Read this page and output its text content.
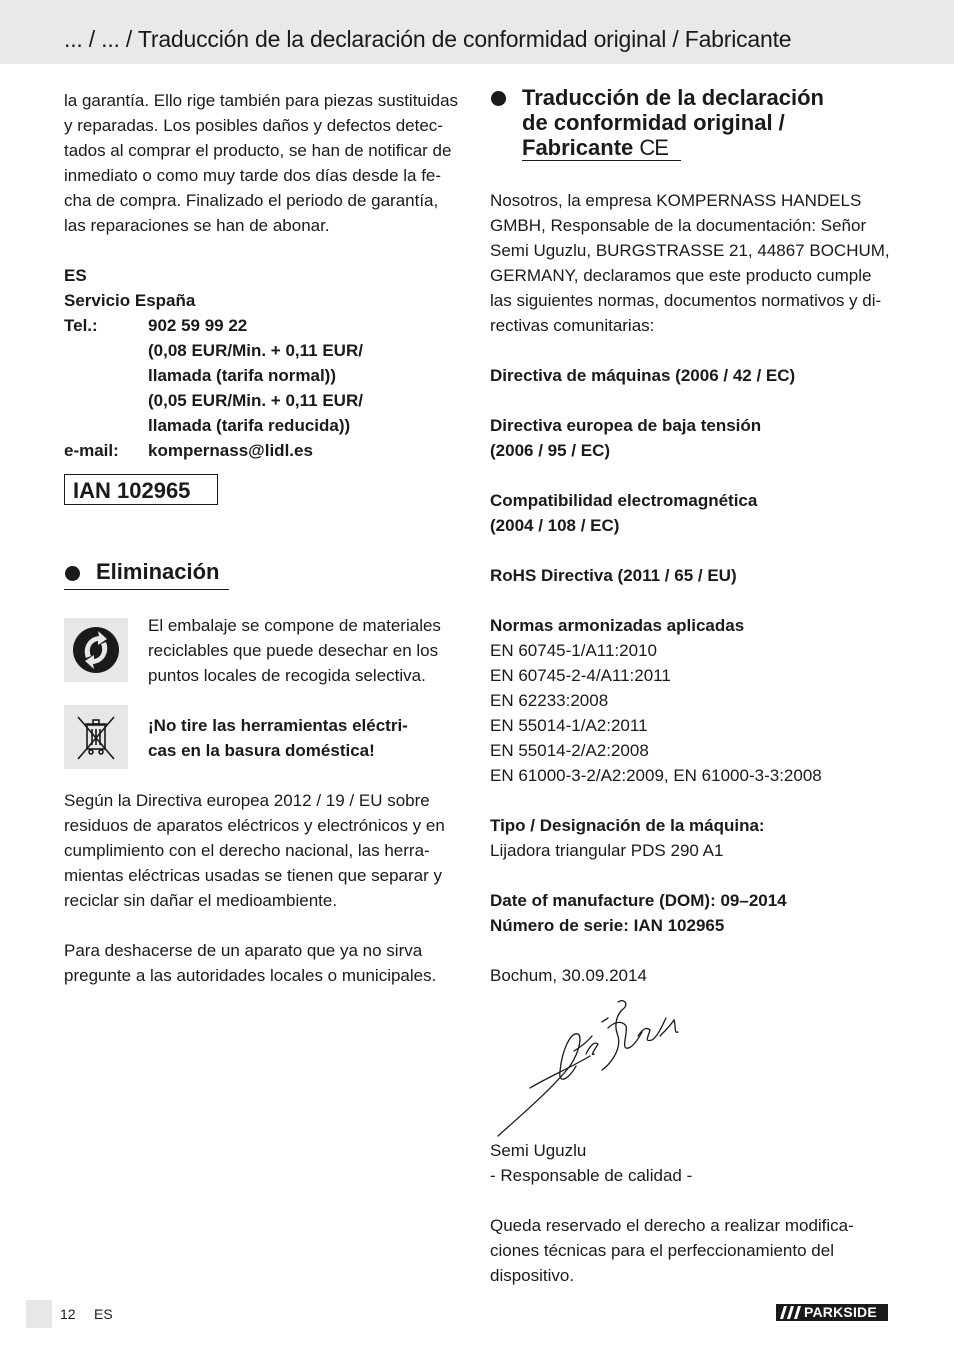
... / ... / Traducción de la declaración de conformidad original / Fabricante

la garantía. Ello rige también para piezas sustituidas

y reparadas. Los posibles daños y defectos detec-

tados al comprar el producto, se han de notificar de

inmediato o como muy tarde dos días desde la fe-

cha de compra. Finalizado el periodo de garantía,

las reparaciones se han de abonar.

ES
Servicio España
Tel.:	902 59 99 22
(0,08 EUR/Min. + 0,11 EUR/
llamada (tarifa normal))
(0,05 EUR/Min. + 0,11 EUR/
llamada (tarifa reducida))
e-mail: kompernass@lidl.es
IAN 102965
Eliminación

El embalaje se compone de materiales

reciclables que puede desechar en los

puntos locales de recogida selectiva.

¡No tire las herramientas eléctri-

cas en la basura doméstica!

Según la Directiva europea 2012 / 19 / EU sobre

residuos de aparatos eléctricos y electrónicos y en

cumplimiento con el derecho nacional, las herra-

mientas eléctricas usadas se tienen que separar y

reciclar sin dañar el medioambiente.

Para deshacerse de un aparato que ya no sirva

pregunte a las autoridades locales o municipales.

Traducción de la declaración
de conformidad original /
Fabricante CE

Nosotros, la empresa KOMPERNASS HANDELS

GMBH, Responsable de la documentación: Señor

Semi Uguzlu, BURGSTRASSE 21, 44867 BOCHUM,

GERMANY, declaramos que este producto cumple

las siguientes normas, documentos normativos y di-

rectivas comunitarias:

Directiva de máquinas (2006 / 42 / EC)

Directiva europea de baja tensión

(2006 / 95 / EC)

Compatibilidad electromagnética

(2004 / 108 / EC)

RoHS Directiva (2011 / 65 / EU)

Normas armonizadas aplicadas

EN 60745-1/A11:2010

EN 60745-2-4/A11:2011

EN 62233:2008

EN 55014-1/A2:2011

EN 55014-2/A2:2008

EN 61000-3-2/A2:2009, EN 61000-3-3:2008

Tipo / Designación de la máquina:

Lijadora triangular PDS 290 A1

Date of manufacture (DOM): 09–2014

Número de serie: IAN 102965

Bochum, 30.09.2014

Semi Uguzlu

- Responsable de calidad -

Queda reservado el derecho a realizar modifica-

ciones técnicas para el perfeccionamiento del

dispositivo.

12 ES	PARKSIDE
